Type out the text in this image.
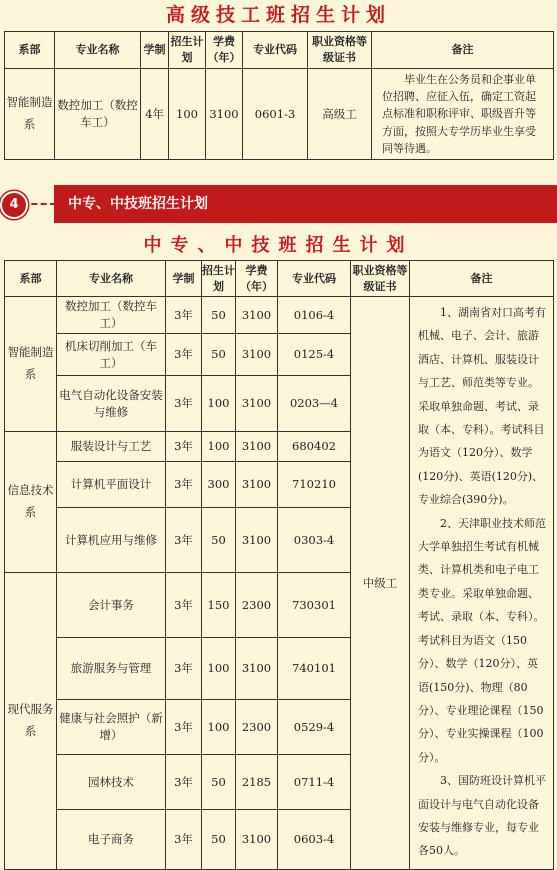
高级技工班招生计划
系部	专业名称	学制	招生计划	学费（年）	专业代码	职业资格等级证书	备注
智能制造系	数控加工（数控车工）	4年	100	3100	0601-3	高级工	毕业生在公务员和企事业单位招聘、应征入伍，确定工资起点标准和职称评审、职级晋升等方面，按照大专学历毕业生享受同等待遇。
中专、中技班招生计划
4
中专、中技班招生计划
系部	专业名称	学制	招生计划	学费（年）	专业代码	职业资格等级证书	备注
智能制造系	数控加工（数控车工）	3年	50	3100	0106-4	中级工	1、湖南省对口高考有机械、电子、会计、旅游酒店、计算机、服装设计与工艺、师范类等专业。采取单独命题、考试、录取（本、专科）。考试科目为语文（120分）、数学(120分)、英语(120分)、专业综合(390分)。

2、天津职业技术师范大学单独招生考试有机械类、计算机类和电子电工类专业。采取单独命题、考试、录取（本、专科）。考试科目为语文（150分）、数学（120分）、英语(150分)、物理（80分）、专业理论课程（150分）、专业实操课程（100分）。

3、国防班设计算机平面设计与电气自动化设备安装与维修专业，每专业各50人。

	机床切削加工（车工）	3年	50	3100	0125-4		
	电气自动化设备安装与维修	3年	100	3100	0203—4		
信息技术系	服装设计与工艺	3年	100	3100	680402		
	计算机平面设计	3年	300	3100	710210		
	计算机应用与维修	3年	50	3100	0303-4		
现代服务系	会计事务	3年	150	2300	730301		
	旅游服务与管理	3年	100	3100	740101		
	健康与社会照护（新增）	3年	100	2300	0529-4		
	园林技术	3年	50	2185	0711-4		
	电子商务	3年	50	3100	0603-4		
